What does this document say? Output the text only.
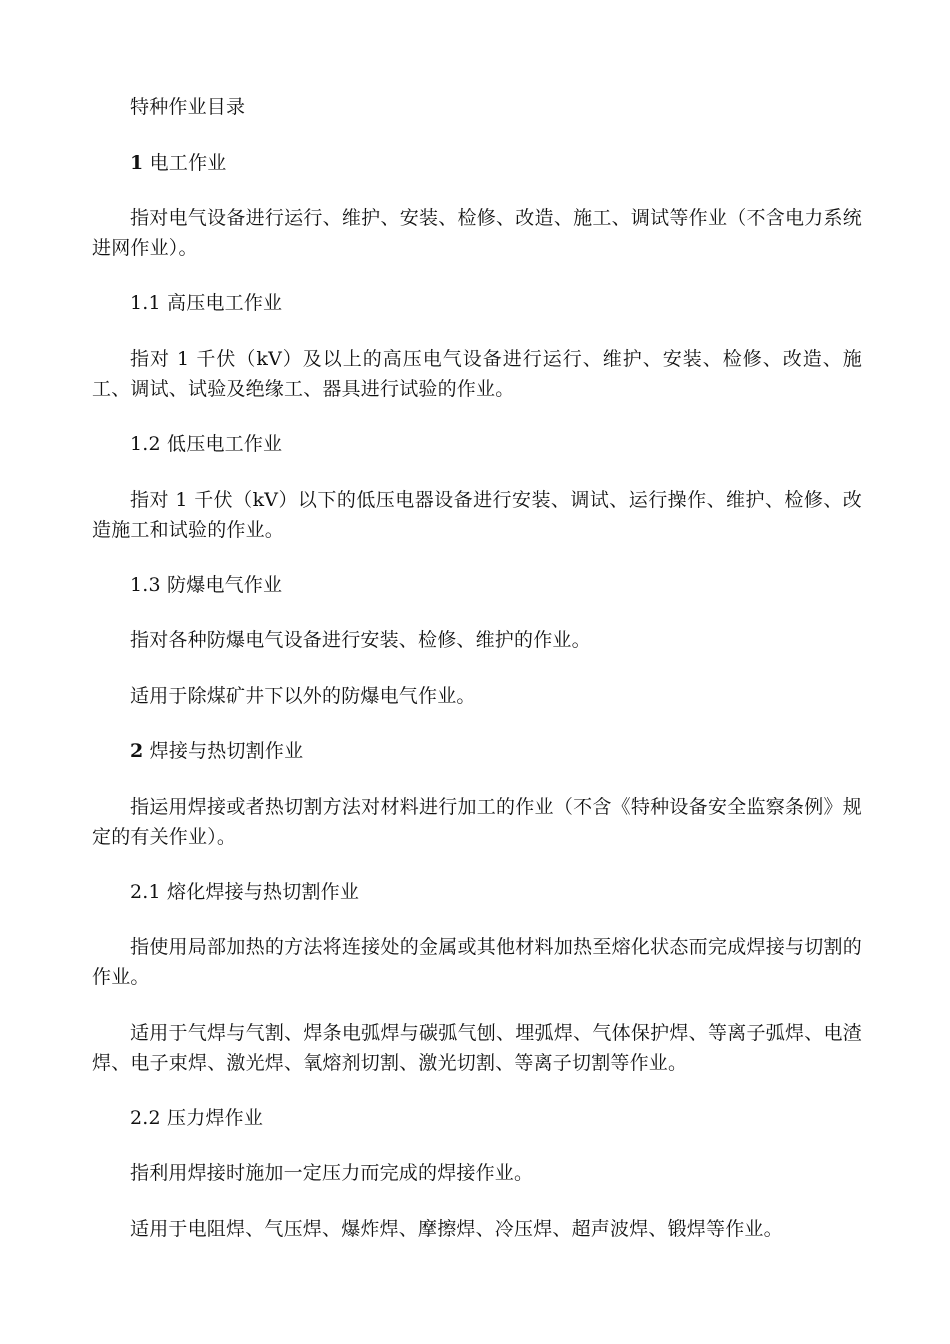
特种作业目录

1 电工作业

指对电气设备进行运行、维护、安装、检修、改造、施工、调试等作业（不含电力系统进网作业）。

1.1 高压电工作业

指对 1 千伏（kV）及以上的高压电气设备进行运行、维护、安装、检修、改造、施工、调试、试验及绝缘工、器具进行试验的作业。

1.2 低压电工作业

指对 1 千伏（kV）以下的低压电器设备进行安装、调试、运行操作、维护、检修、改造施工和试验的作业。

1.3 防爆电气作业

指对各种防爆电气设备进行安装、检修、维护的作业。

适用于除煤矿井下以外的防爆电气作业。

2 焊接与热切割作业

指运用焊接或者热切割方法对材料进行加工的作业（不含《特种设备安全监察条例》规定的有关作业）。

2.1 熔化焊接与热切割作业

指使用局部加热的方法将连接处的金属或其他材料加热至熔化状态而完成焊接与切割的作业。

适用于气焊与气割、焊条电弧焊与碳弧气刨、埋弧焊、气体保护焊、等离子弧焊、电渣焊、电子束焊、激光焊、氧熔剂切割、激光切割、等离子切割等作业。

2.2 压力焊作业

指利用焊接时施加一定压力而完成的焊接作业。

适用于电阻焊、气压焊、爆炸焊、摩擦焊、冷压焊、超声波焊、锻焊等作业。
